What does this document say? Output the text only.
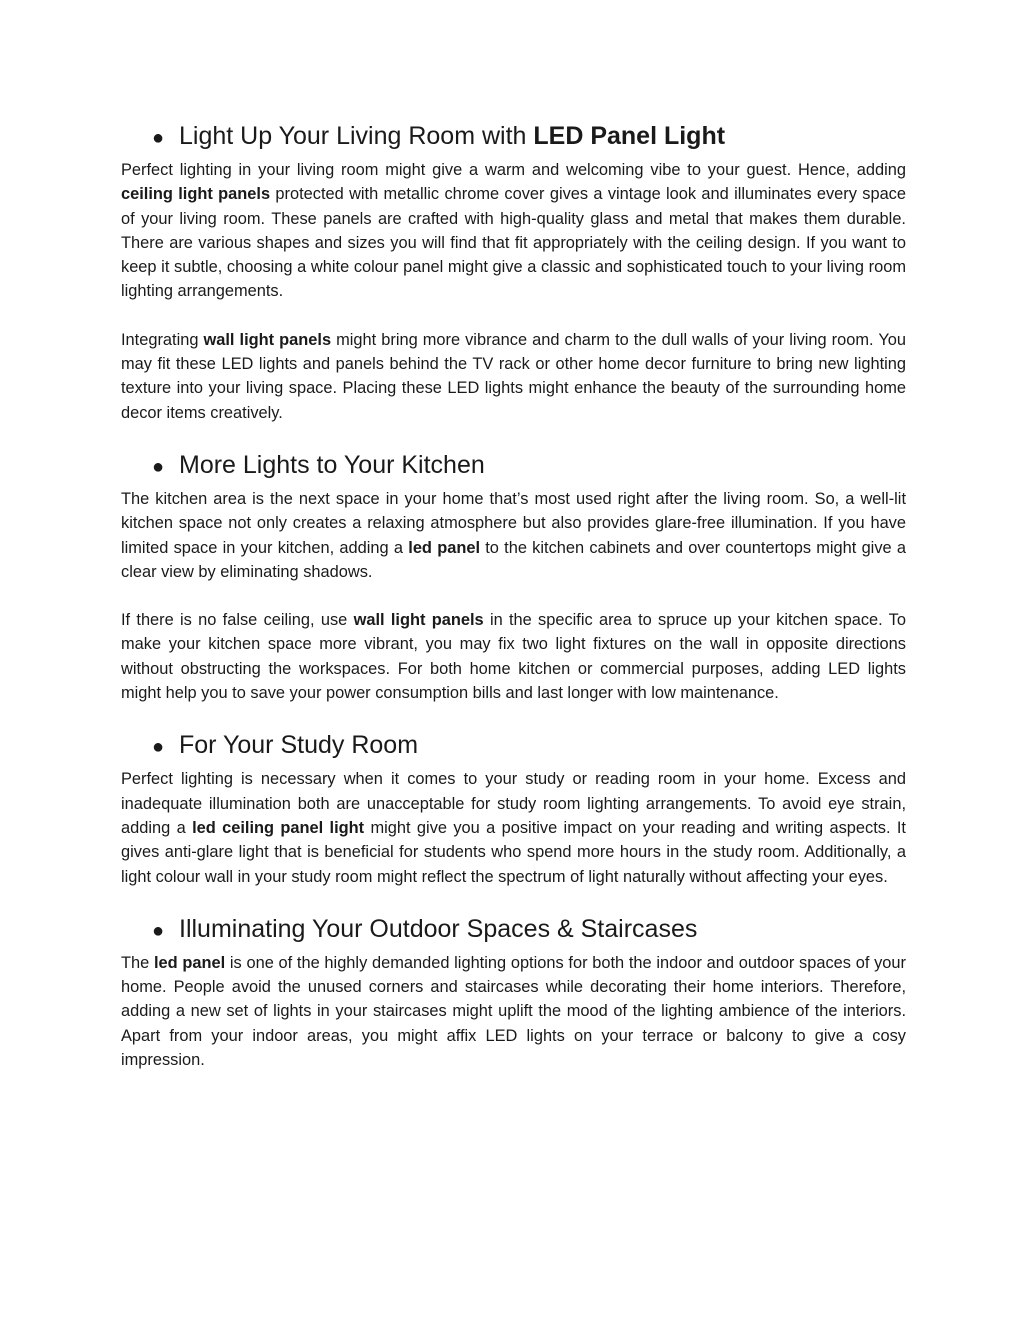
● Light Up Your Living Room with LED Panel Light

Perfect lighting in your living room might give a warm and welcoming vibe to your guest. Hence, adding ceiling light panels protected with metallic chrome cover gives a vintage look and illuminates every space of your living room. These panels are crafted with high-quality glass and metal that makes them durable. There are various shapes and sizes you will find that fit appropriately with the ceiling design. If you want to keep it subtle, choosing a white colour panel might give a classic and sophisticated touch to your living room lighting arrangements.

Integrating wall light panels might bring more vibrance and charm to the dull walls of your living room. You may fit these LED lights and panels behind the TV rack or other home decor furniture to bring new lighting texture into your living space. Placing these LED lights might enhance the beauty of the surrounding home decor items creatively.

● More Lights to Your Kitchen

The kitchen area is the next space in your home that’s most used right after the living room. So, a well-lit kitchen space not only creates a relaxing atmosphere but also provides glare-free illumination. If you have limited space in your kitchen, adding a led panel to the kitchen cabinets and over countertops might give a clear view by eliminating shadows.

If there is no false ceiling, use wall light panels in the specific area to spruce up your kitchen space. To make your kitchen space more vibrant, you may fix two light fixtures on the wall in opposite directions without obstructing the workspaces. For both home kitchen or commercial purposes, adding LED lights might help you to save your power consumption bills and last longer with low maintenance.

● For Your Study Room

Perfect lighting is necessary when it comes to your study or reading room in your home. Excess and inadequate illumination both are unacceptable for study room lighting arrangements. To avoid eye strain, adding a led ceiling panel light might give you a positive impact on your reading and writing aspects. It gives anti-glare light that is beneficial for students who spend more hours in the study room. Additionally, a light colour wall in your study room might reflect the spectrum of light naturally without affecting your eyes.

● Illuminating Your Outdoor Spaces & Staircases

The led panel is one of the highly demanded lighting options for both the indoor and outdoor spaces of your home. People avoid the unused corners and staircases while decorating their home interiors. Therefore, adding a new set of lights in your staircases might uplift the mood of the lighting ambience of the interiors. Apart from your indoor areas, you might affix LED lights on your terrace or balcony to give a cosy impression.
